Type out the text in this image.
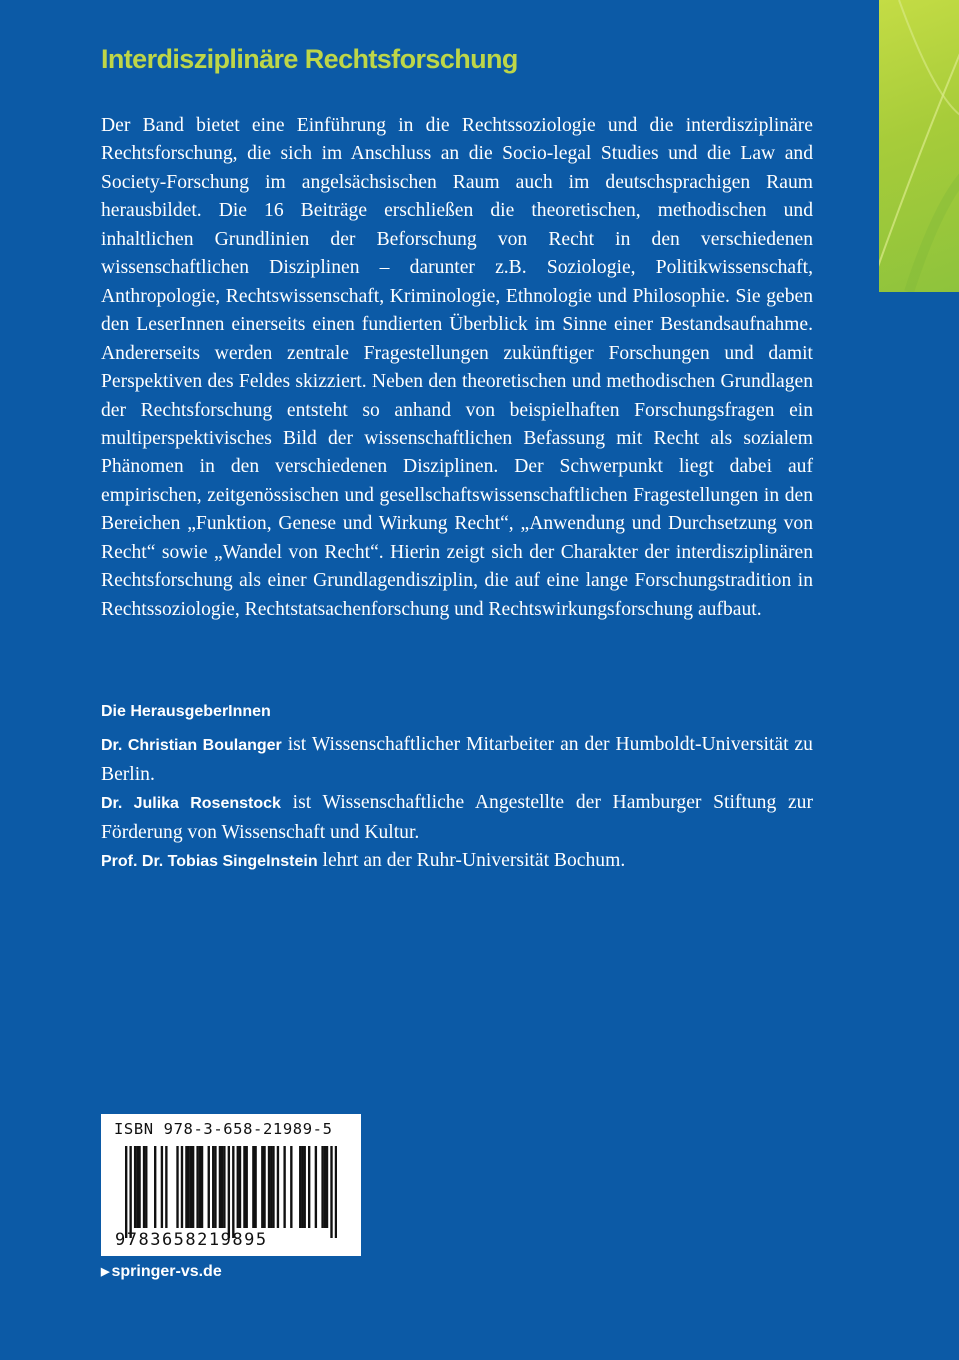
Interdisziplinäre Rechtsforschung

Der Band bietet eine Einführung in die Rechtssoziologie und die interdisziplinäre Rechtsforschung, die sich im Anschluss an die Socio-legal Studies und die Law and Society-Forschung im angelsächsischen Raum auch im deutschsprachigen Raum herausbildet. Die 16 Beiträge erschließen die theoretischen, methodischen und inhaltlichen Grundlinien der Beforschung von Recht in den verschiedenen wissenschaftlichen Disziplinen – darunter z.B. Soziologie, Politikwissenschaft, Anthropologie, Rechtswissenschaft, Kriminologie, Ethnologie und Philosophie. Sie geben den LeserInnen einerseits einen fundierten Überblick im Sinne einer Bestandsaufnahme. Andererseits werden zentrale Fragestellungen zukünftiger Forschungen und damit Perspektiven des Feldes skizziert. Neben den theoretischen und methodischen Grundlagen der Rechtsforschung entsteht so anhand von beispielhaften Forschungsfragen ein multiperspektivisches Bild der wissenschaftlichen Befassung mit Recht als sozialem Phänomen in den verschiedenen Disziplinen. Der Schwerpunkt liegt dabei auf empirischen, zeitgenössischen und gesellschaftswissenschaftlichen Fragestellungen in den Bereichen „Funktion, Genese und Wirkung Recht“, „Anwendung und Durchsetzung von Recht“ sowie „Wandel von Recht“. Hierin zeigt sich der Charakter der interdisziplinären Rechtsforschung als einer Grundlagendisziplin, die auf eine lange Forschungstradition in Rechtssoziologie, Rechtstatsachenforschung und Rechtswirkungsforschung aufbaut.

Die HerausgeberInnen
Dr. Christian Boulanger ist Wissenschaftlicher Mitarbeiter an der Humboldt-Universität zu Berlin.
Dr. Julika Rosenstock ist Wissenschaftliche Angestellte der Hamburger Stiftung zur Förderung von Wissenschaft und Kultur.
Prof. Dr. Tobias Singelnstein lehrt an der Ruhr-Universität Bochum.

ISBN 978-3-658-21989-5

9783658219895

▶ springer-vs.de
